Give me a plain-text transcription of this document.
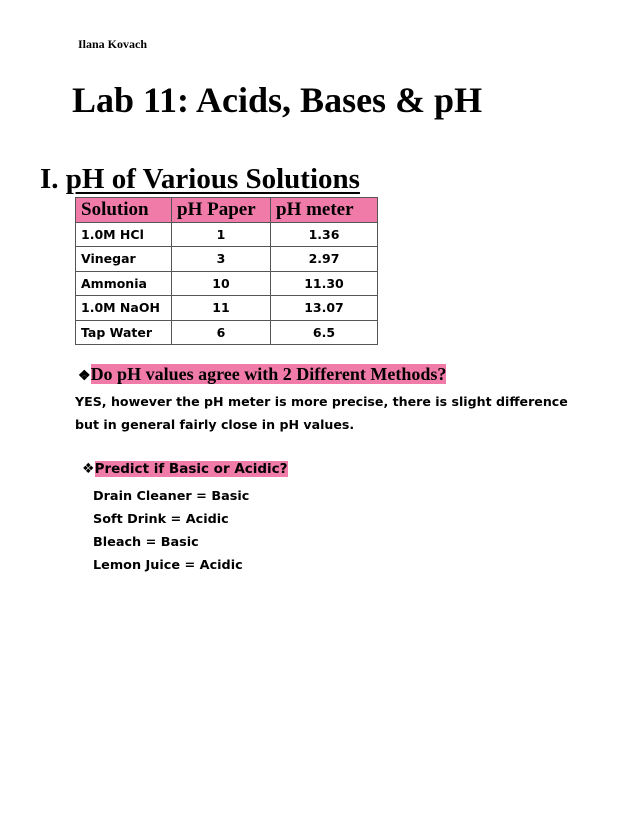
Ilana Kovach
Lab 11: Acids, Bases & pH
I. pH of Various Solutions
Solution	pH Paper	pH meter
1.0M HCl	1	1.36
Vinegar	3	2.97
Ammonia	10	11.30
1.0M NaOH	11	13.07
Tap Water	6	6.5

❖Do pH values agree with 2 Different Methods?

YES, however the pH meter is more precise, there is slight difference but in general fairly close in pH values.

❖Predict if Basic or Acidic?

Drain Cleaner = Basic
Soft Drink = Acidic
Bleach = Basic
Lemon Juice = Acidic
